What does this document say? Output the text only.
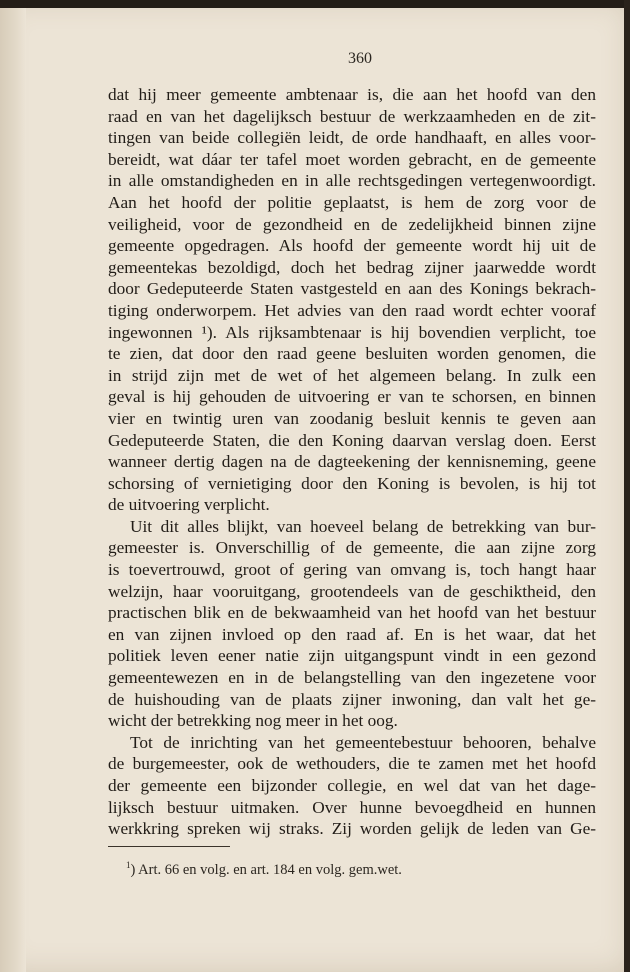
360
dat hij meer gemeente ambtenaar is, die aan het hoofd van den
raad en van het dagelijksch bestuur de werkzaamheden en de zit-
tingen van beide collegiën leidt, de orde handhaaft, en alles voor-
bereidt, wat dáar ter tafel moet worden gebracht, en de gemeente
in alle omstandigheden en in alle rechtsgedingen vertegenwoordigt.
Aan het hoofd der politie geplaatst, is hem de zorg voor de
veiligheid, voor de gezondheid en de zedelijkheid binnen zijne
gemeente opgedragen. Als hoofd der gemeente wordt hij uit de
gemeentekas bezoldigd, doch het bedrag zijner jaarwedde wordt
door Gedeputeerde Staten vastgesteld en aan des Konings bekrach-
tiging onderworpem. Het advies van den raad wordt echter vooraf
ingewonnen ¹). Als rijksambtenaar is hij bovendien verplicht, toe
te zien, dat door den raad geene besluiten worden genomen, die
in strijd zijn met de wet of het algemeen belang. In zulk een
geval is hij gehouden de uitvoering er van te schorsen, en binnen
vier en twintig uren van zoodanig besluit kennis te geven aan
Gedeputeerde Staten, die den Koning daarvan verslag doen. Eerst
wanneer dertig dagen na de dagteekening der kennisneming, geene
schorsing of vernietiging door den Koning is bevolen, is hij tot
de uitvoering verplicht.
Uit dit alles blijkt, van hoeveel belang de betrekking van bur-
gemeester is. Onverschillig of de gemeente, die aan zijne zorg
is toevertrouwd, groot of gering van omvang is, toch hangt haar
welzijn, haar vooruitgang, grootendeels van de geschiktheid, den
practischen blik en de bekwaamheid van het hoofd van het bestuur
en van zijnen invloed op den raad af. En is het waar, dat het
politiek leven eener natie zijn uitgangspunt vindt in een gezond
gemeentewezen en in de belangstelling van den ingezetene voor
de huishouding van de plaats zijner inwoning, dan valt het ge-
wicht der betrekking nog meer in het oog.
Tot de inrichting van het gemeentebestuur behooren, behalve
de burgemeester, ook de wethouders, die te zamen met het hoofd
der gemeente een bijzonder collegie, en wel dat van het dage-
lijksch bestuur uitmaken. Over hunne bevoegdheid en hunnen
werkkring spreken wij straks. Zij worden gelijk de leden van Ge-
$^1$) Art. 66 en volg. en art. 184 en volg. gem.wet.
